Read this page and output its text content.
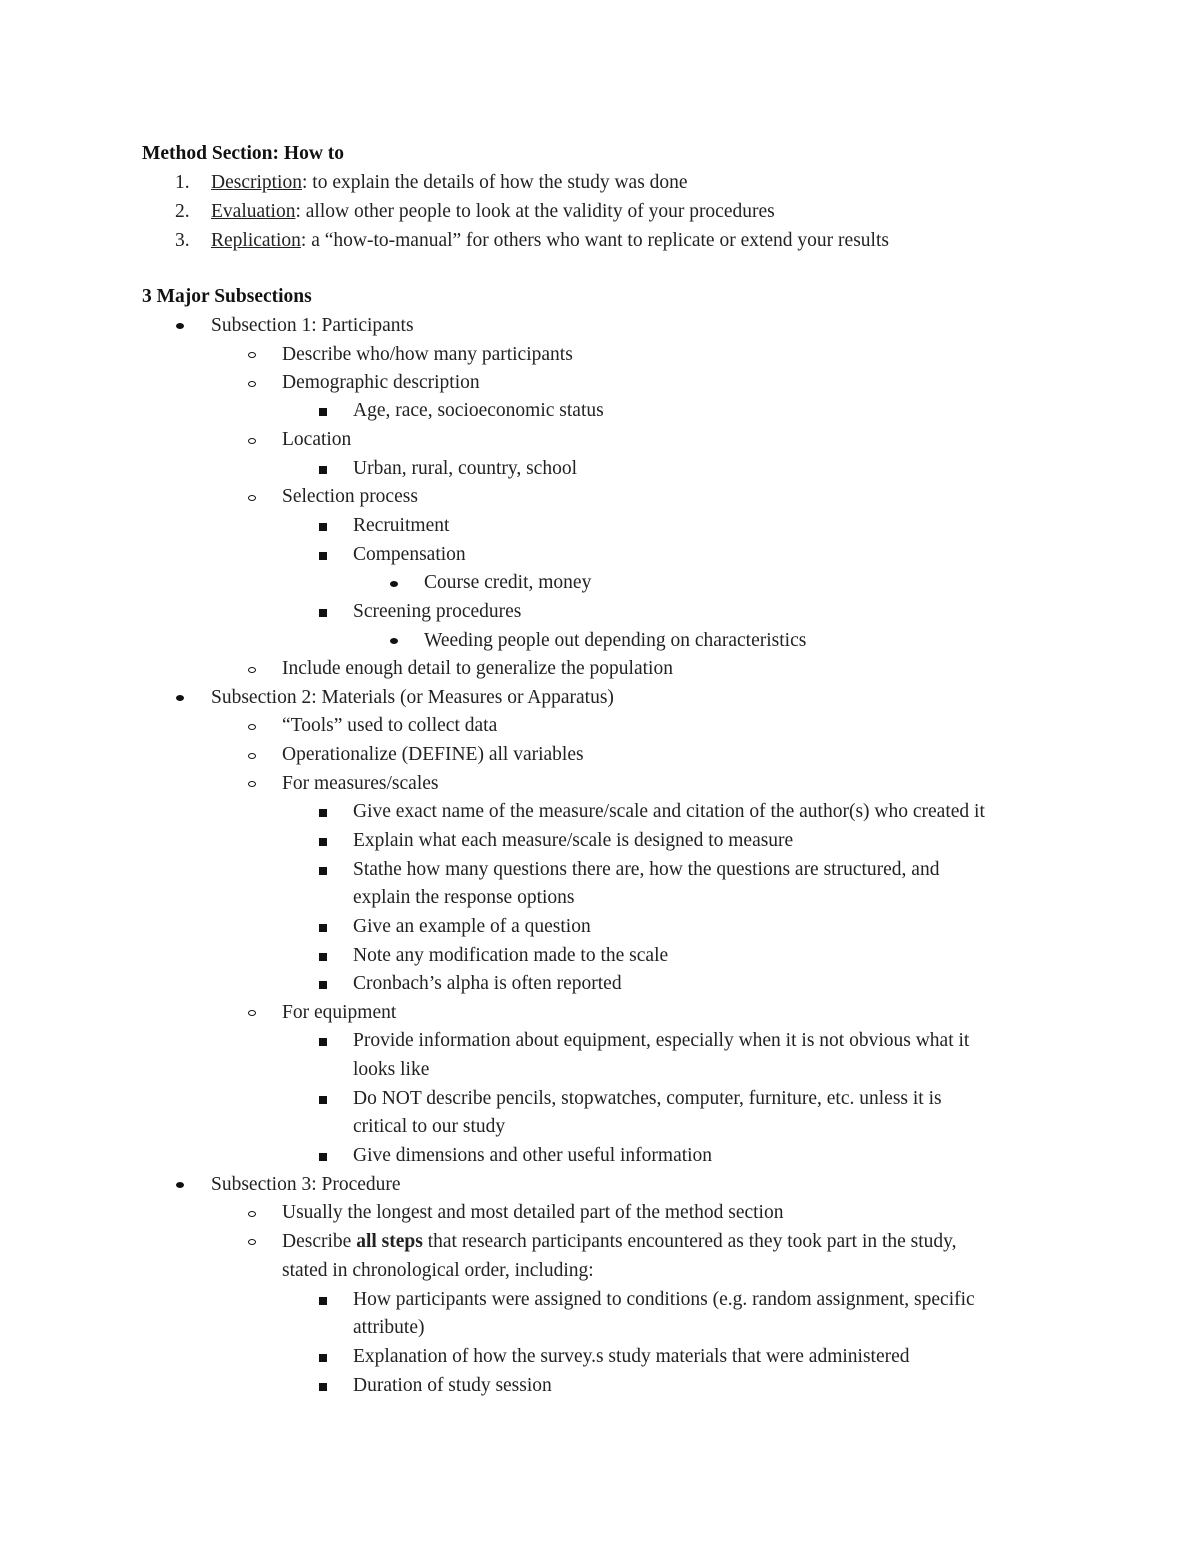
Method Section: How to
1. Description: to explain the details of how the study was done
2. Evaluation: allow other people to look at the validity of your procedures
3. Replication: a “how-to-manual” for others who want to replicate or extend your results
3 Major Subsections
Subsection 1: Participants
Describe who/how many participants
Demographic description
Age, race, socioeconomic status
Location
Urban, rural, country, school
Selection process
Recruitment
Compensation
Course credit, money
Screening procedures
Weeding people out depending on characteristics
Include enough detail to generalize the population
Subsection 2: Materials (or Measures or Apparatus)
“Tools” used to collect data
Operationalize (DEFINE) all variables
For measures/scales
Give exact name of the measure/scale and citation of the author(s) who created it
Explain what each measure/scale is designed to measure
Stathe how many questions there are, how the questions are structured, and
explain the response options
Give an example of a question
Note any modification made to the scale
Cronbach’s alpha is often reported
For equipment
Provide information about equipment, especially when it is not obvious what it
looks like
Do NOT describe pencils, stopwatches, computer, furniture, etc. unless it is
critical to our study
Give dimensions and other useful information
Subsection 3: Procedure
Usually the longest and most detailed part of the method section
Describe all steps that research participants encountered as they took part in the study,
stated in chronological order, including:
How participants were assigned to conditions (e.g. random assignment, specific
attribute)
Explanation of how the survey.s study materials that were administered
Duration of study session
